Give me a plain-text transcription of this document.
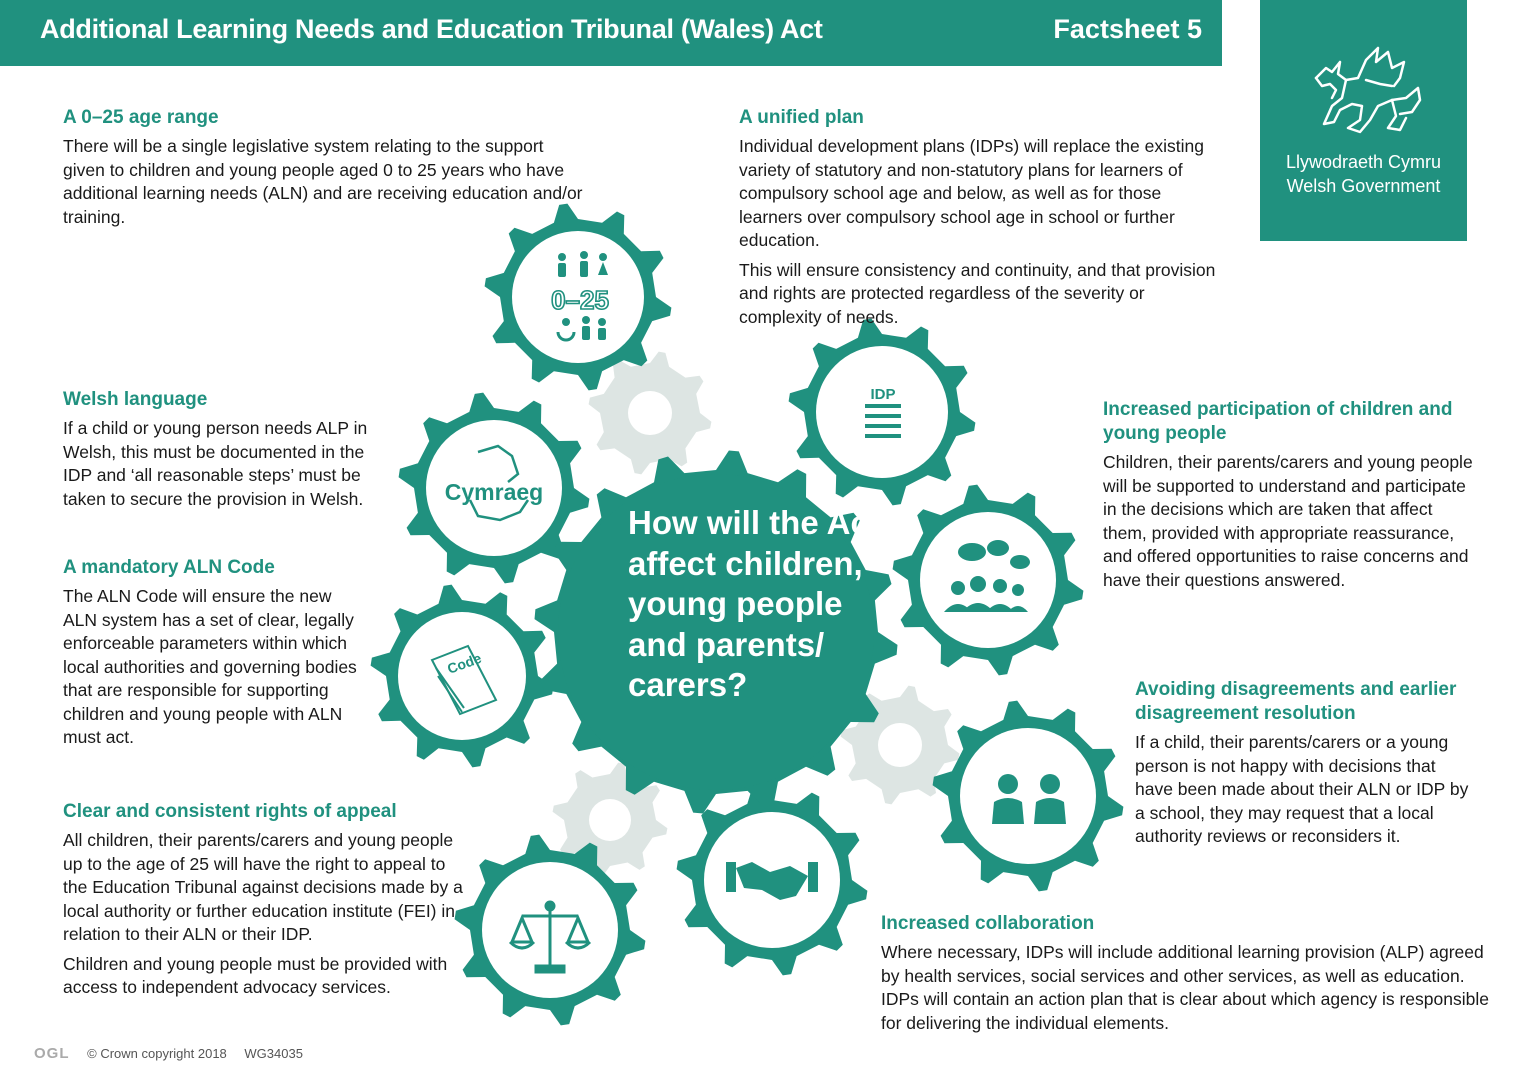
Additional Learning Needs and Education Tribunal (Wales) Act	Factsheet 5
Llywodraeth Cymru
Welsh Government
0–25
IDP
Cymraeg
Code
How will the Act affect children, young people and parents/ carers?
A 0–25 age range

There will be a single legislative system relating to the support given to children and young people aged 0 to 25 years who have additional learning needs (ALN) and are receiving education and/or training.

A unified plan

Individual development plans (IDPs) will replace the existing variety of statutory and non-statutory plans for learners of compulsory school age and below, as well as for those learners over compulsory school age in school or further education.

This will ensure consistency and continuity, and that provision and rights are protected regardless of the severity or complexity of needs.

Welsh language

If a child or young person needs ALP in Welsh, this must be documented in the IDP and ‘all reasonable steps’ must be taken to secure the provision in Welsh.

A mandatory ALN Code

The ALN Code will ensure the new ALN system has a set of clear, legally enforceable parameters within which local authorities and governing bodies that are responsible for supporting children and young people with ALN must act.

Clear and consistent rights of appeal

All children, their parents/carers and young people up to the age of 25 will have the right to appeal to the Education Tribunal against decisions made by a local authority or further education institute (FEI) in relation to their ALN or their IDP.

Children and young people must be provided with access to independent advocacy services.

Increased participation of children and young people

Children, their parents/carers and young people will be supported to understand and participate in the decisions which are taken that affect them, provided with appropriate reassurance, and offered opportunities to raise concerns and have their questions answered.

Avoiding disagreements and earlier disagreement resolution

If a child, their parents/carers or a young person is not happy with decisions that have been made about their ALN or IDP by a school, they may request that a local authority reviews or reconsiders it.

Increased collaboration

Where necessary, IDPs will include additional learning provision (ALP) agreed by health services, social services and other services, as well as education. IDPs will contain an action plan that is clear about which agency is responsible for delivering the individual elements.

OGL © Crown copyright 2018 WG34035
